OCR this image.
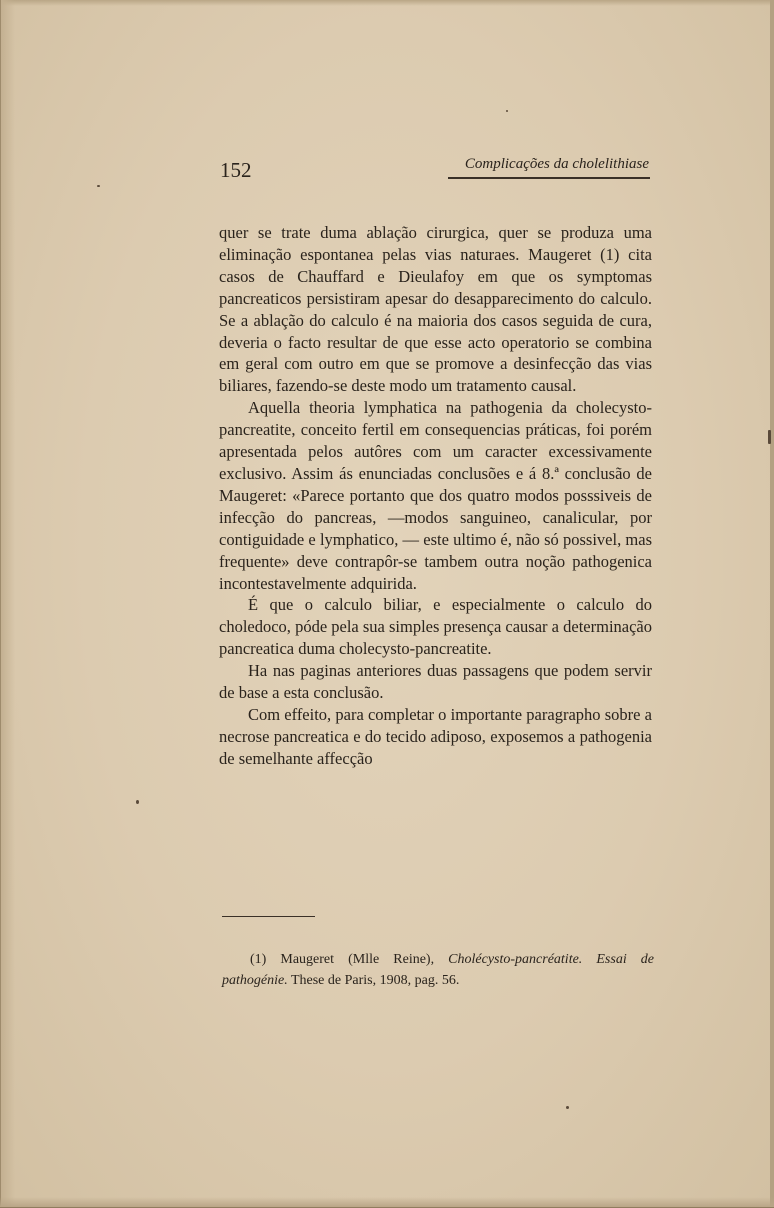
152	Complicações da cholelithiase

quer se trate duma ablação cirurgica, quer se produza uma eliminação espontanea pelas vias naturaes. Maugeret (1) cita casos de Chauffard e Dieulafoy em que os symptomas pancreaticos persistiram apesar do desapparecimento do calculo. Se a ablação do calculo é na maioria dos casos seguida de cura, deveria o facto resultar de que esse acto operatorio se combina em geral com outro em que se promove a desinfecção das vias biliares, fazendo-se deste modo um tratamento causal.

Aquella theoria lymphatica na pathogenia da cholecysto-pancreatite, conceito fertil em consequencias práticas, foi porém apresentada pelos autôres com um caracter excessivamente exclusivo. Assim ás enunciadas conclusões e á 8.ª conclusão de Maugeret: «Parece portanto que dos quatro modos posssiveis de infecção do pancreas, —modos sanguineo, canalicular, por contiguidade e lymphatico, — este ultimo é, não só possivel, mas frequente» deve contrapôr-se tambem outra noção pathogenica incontestavelmente adquirida.

É que o calculo biliar, e especialmente o calculo do choledoco, póde pela sua simples presença causar a determinação pancreatica duma cholecysto-pancreatite.

Ha nas paginas anteriores duas passagens que podem servir de base a esta conclusão.

Com effeito, para completar o importante paragrapho sobre a necrose pancreatica e do tecido adiposo, exposemos a pathogenia de semelhante affecção

(1) Maugeret (Mlle Reine), Cholécysto-pancréatite. Essai de pathogénie. These de Paris, 1908, pag. 56.
